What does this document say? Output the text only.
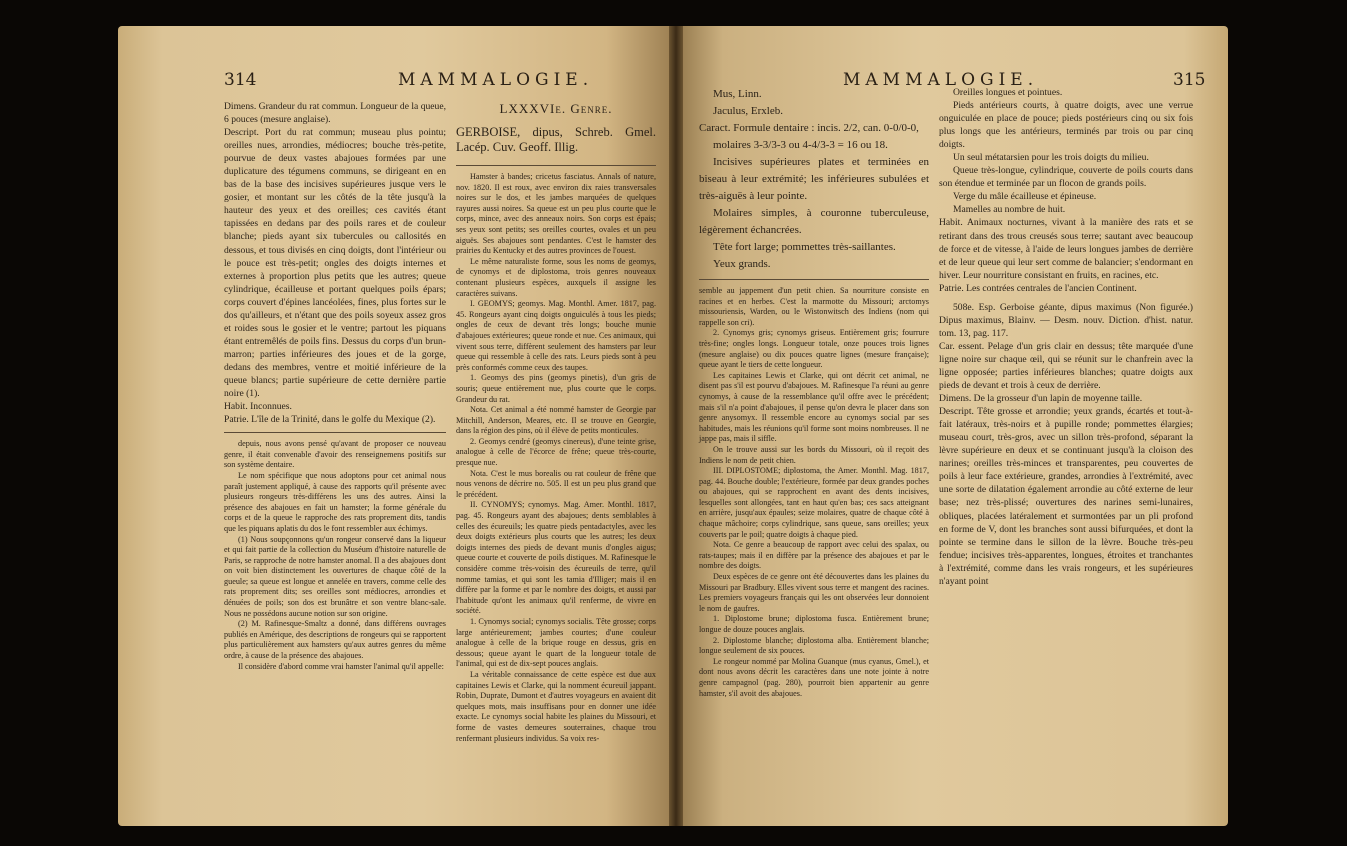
314	MAMMALOGIE.

Dimens. Grandeur du rat commun. Longueur de la queue, 6 pouces (mesure anglaise).

Descript. Port du rat commun; museau plus pointu; oreilles nues, arrondies, médiocres; bouche très-petite, pourvue de deux vastes abajoues formées par une duplicature des tégumens communs, se dirigeant en en bas de la base des incisives supérieures jusque vers le gosier, et montant sur les côtés de la tête jusqu'à la hauteur des yeux et des oreilles; ces cavités étant tapissées en dedans par des poils rares et de couleur blanche; pieds ayant six tubercules ou callosités en dessous, et tous divisés en cinq doigts, dont l'intérieur ou le pouce est très-petit; ongles des doigts internes et externes à proportion plus petits que les autres; queue cylindrique, écailleuse et portant quelques poils épars; corps couvert d'épines lancéolées, fines, plus fortes sur le dos qu'ailleurs, et n'étant que des poils soyeux assez gros et roides sous le gosier et le ventre; partout les piquans étant entremêlés de poils fins. Dessus du corps d'un brun-marron; parties inférieures des joues et de la gorge, dedans des membres, ventre et moitié inférieure de la queue blancs; partie supérieure de cette dernière partie noire (1).

Habit. Inconnues.

Patrie. L'île de la Trinité, dans le golfe du Mexique (2).

depuis, nous avons pensé qu'avant de proposer ce nouveau genre, il était convenable d'avoir des renseignemens positifs sur son système dentaire.

Le nom spécifique que nous adoptons pour cet animal nous paraît justement appliqué, à cause des rapports qu'il présente avec plusieurs rongeurs très-différens les uns des autres. Ainsi la présence des abajoues en fait un hamster; la forme générale du corps et de la queue le rapproche des rats proprement dits, tandis que les piquans aplatis du dos le font ressembler aux échimys.

(1) Nous soupçonnons qu'un rongeur conservé dans la liqueur et qui fait partie de la collection du Muséum d'histoire naturelle de Paris, se rapproche de notre hamster anomal. Il a des abajoues dont on voit bien distinctement les ouvertures de chaque côté de la gueule; sa queue est longue et annelée en travers, comme celle des rats proprement dits; ses oreilles sont médiocres, arrondies et dénuées de poils; son dos est brunâtre et son ventre blanc-sale. Nous ne possédons aucune notion sur son origine.

(2) M. Rafinesque-Smaltz a donné, dans différens ouvrages publiés en Amérique, des descriptions de rongeurs qui se rapportent plus particulièrement aux hamsters qu'aux autres genres du même ordre, à cause de la présence des abajoues.

Il considère d'abord comme vrai hamster l'animal qu'il appelle:

LXXXVIe. Genre.
GERBOISE, dipus, Schreb. Gmel. Lacép. Cuv. Geoff. Illig.

Hamster à bandes; cricetus fasciatus. Annals of nature, nov. 1820. Il est roux, avec environ dix raies transversales noires sur le dos, et les jambes marquées de quelques rayures aussi noires. Sa queue est un peu plus courte que le corps, mince, avec des anneaux noirs. Son corps est épais; ses yeux sont petits; ses oreilles courtes, ovales et un peu aiguës. Ses abajoues sont pendantes. C'est le hamster des prairies du Kentucky et des autres provinces de l'ouest.

Le même naturaliste forme, sous les noms de geomys, de cynomys et de diplostoma, trois genres nouveaux contenant plusieurs espèces, auxquels il assigne les caractères suivans.

I. GEOMYS; geomys. Mag. Monthl. Amer. 1817, pag. 45. Rongeurs ayant cinq doigts onguiculés à tous les pieds; ongles de ceux de devant très longs; bouche munie d'abajoues extérieures; queue ronde et nue. Ces animaux, qui vivent sous terre, diffèrent seulement des hamsters par leur queue qui ressemble à celle des rats. Leurs pieds sont à peu près conformés comme ceux des taupes.

1. Geomys des pins (geomys pinetis), d'un gris de souris; queue entièrement nue, plus courte que le corps. Grandeur du rat.

Nota. Cet animal a été nommé hamster de Georgie par Mitchill, Anderson, Meares, etc. Il se trouve en Georgie, dans la région des pins, où il élève de petits monticules.

2. Geomys cendré (geomys cinereus), d'une teinte grise, analogue à celle de l'écorce de frêne; queue très-courte, presque nue.

Nota. C'est le mus borealis ou rat couleur de frêne que nous venons de décrire no. 505. Il est un peu plus grand que le précédent.

II. CYNOMYS; cynomys. Mag. Amer. Monthl. 1817, pag. 45. Rongeurs ayant des abajoues; dents semblables à celles des écureuils; les quatre pieds pentadactyles, avec les deux doigts extérieurs plus courts que les autres; les deux doigts internes des pieds de devant munis d'ongles aigus; queue courte et couverte de poils distiques. M. Rafinesque le considère comme très-voisin des écureuils de terre, qu'il nomme tamias, et qui sont les tamia d'Illiger; mais il en diffère par la forme et par le nombre des doigts, et aussi par l'habitude qu'ont les animaux qu'il renferme, de vivre en société.

1. Cynomys social; cynomys socialis. Tête grosse; corps large antérieurement; jambes courtes; d'une couleur analogue à celle de la brique rouge en dessus, gris en dessous; queue ayant le quart de la longueur totale de l'animal, qui est de dix-sept pouces anglais.

La véritable connaissance de cette espèce est due aux capitaines Lewis et Clarke, qui la nomment écureuil jappant. Robin, Duprate, Dumont et d'autres voyageurs en avaient dit quelques mots, mais insuffisans pour en donner une idée exacte. Le cynomys social habite les plaines du Missouri, et forme de vastes demeures souterraines, chaque trou renfermant plusieurs individus. Sa voix res-

MAMMALOGIE.	315

Mus, Linn.

Jaculus, Erxleb.

Caract. Formule dentaire : incis. 2/2, can. 0-0/0-0,

molaires 3-3/3-3 ou 4-4/3-3 = 16 ou 18.

Incisives supérieures plates et terminées en biseau à leur extrémité; les inférieures subulées et très-aiguës à leur pointe.

Molaires simples, à couronne tuberculeuse, légèrement échancrées.

Tête fort large; pommettes très-saillantes.

Yeux grands.

semble au jappement d'un petit chien. Sa nourriture consiste en racines et en herbes. C'est la marmotte du Missouri; arctomys missouriensis, Warden, ou le Wistonwitsch des Indiens (nom qui rappelle son cri).

2. Cynomys gris; cynomys griseus. Entièrement gris; fourrure très-fine; ongles longs. Longueur totale, onze pouces trois lignes (mesure anglaise) ou dix pouces quatre lignes (mesure française); queue ayant le tiers de cette longueur.

Les capitaines Lewis et Clarke, qui ont décrit cet animal, ne disent pas s'il est pourvu d'abajoues. M. Rafinesque l'a réuni au genre cynomys, à cause de la ressemblance qu'il offre avec le précédent; mais s'il n'a point d'abajoues, il pense qu'on devra le placer dans son genre anysomyx. Il ressemble encore au cynomys social par ses habitudes, mais les réunions qu'il forme sont moins nombreuses. Il ne jappe pas, mais il siffle.

On le trouve aussi sur les bords du Missouri, où il reçoit des Indiens le nom de petit chien.

III. DIPLOSTOME; diplostoma, the Amer. Monthl. Mag. 1817, pag. 44. Bouche double; l'extérieure, formée par deux grandes poches ou abajoues, qui se rapprochent en avant des dents incisives, lesquelles sont allongées, tant en haut qu'en bas; ces sacs atteignant en arrière, jusqu'aux épaules; seize molaires, quatre de chaque côté à chaque mâchoire; corps cylindrique, sans queue, sans oreilles; yeux couverts par le poil; quatre doigts à chaque pied.

Nota. Ce genre a beaucoup de rapport avec celui des spalax, ou rats-taupes; mais il en diffère par la présence des abajoues et par le nombre des doigts.

Deux espèces de ce genre ont été découvertes dans les plaines du Missouri par Bradbury. Elles vivent sous terre et mangent des racines. Les premiers voyageurs français qui les ont observées leur donnoient le nom de gaufres.

1. Diplostome brune; diplostoma fusca. Entièrement brune; longue de douze pouces anglais.

2. Diplostome blanche; diplostoma alba. Entièrement blanche; longue seulement de six pouces.

Le rongeur nommé par Molina Guanque (mus cyanus, Gmel.), et dont nous avons décrit les caractères dans une note jointe à notre genre campagnol (pag. 280), pourroit bien appartenir au genre hamster, s'il avoit des abajoues.

Oreilles longues et pointues.

Pieds antérieurs courts, à quatre doigts, avec une verrue onguiculée en place de pouce; pieds postérieurs cinq ou six fois plus longs que les antérieurs, terminés par trois ou par cinq doigts.

Un seul métatarsien pour les trois doigts du milieu.

Queue très-longue, cylindrique, couverte de poils courts dans son étendue et terminée par un flocon de grands poils.

Verge du mâle écailleuse et épineuse.

Mamelles au nombre de huit.

Habit. Animaux nocturnes, vivant à la manière des rats et se retirant dans des trous creusés sous terre; sautant avec beaucoup de force et de vitesse, à l'aide de leurs longues jambes de derrière et de leur queue qui leur sert comme de balancier; s'endormant en hiver. Leur nourriture consistant en fruits, en racines, etc.

Patrie. Les contrées centrales de l'ancien Continent.

508e. Esp. Gerboise géante, dipus maximus (Non figurée.) Dipus maximus, Blainv. — Desm. nouv. Diction. d'hist. natur. tom. 13, pag. 117.

Car. essent. Pelage d'un gris clair en dessus; tête marquée d'une ligne noire sur chaque œil, qui se réunit sur le chanfrein avec la ligne opposée; parties inférieures blanches; quatre doigts aux pieds de devant et trois à ceux de derrière.

Dimens. De la grosseur d'un lapin de moyenne taille.

Descript. Tête grosse et arrondie; yeux grands, écartés et tout-à-fait latéraux, très-noirs et à pupille ronde; pommettes élargies; museau court, très-gros, avec un sillon très-profond, séparant la lèvre supérieure en deux et se continuant jusqu'à la cloison des narines; oreilles très-minces et transparentes, peu couvertes de poils à leur face extérieure, grandes, arrondies à l'extrémité, avec une sorte de dilatation également arrondie au côté externe de leur base; nez très-plissé; ouvertures des narines semi-lunaires, obliques, placées latéralement et surmontées par un pli profond en forme de V, dont les branches sont aussi bifurquées, et dont la pointe se termine dans le sillon de la lèvre. Bouche très-peu fendue; incisives très-apparentes, longues, étroites et tranchantes à l'extrémité, comme dans les vrais rongeurs, et les supérieures n'ayant point
